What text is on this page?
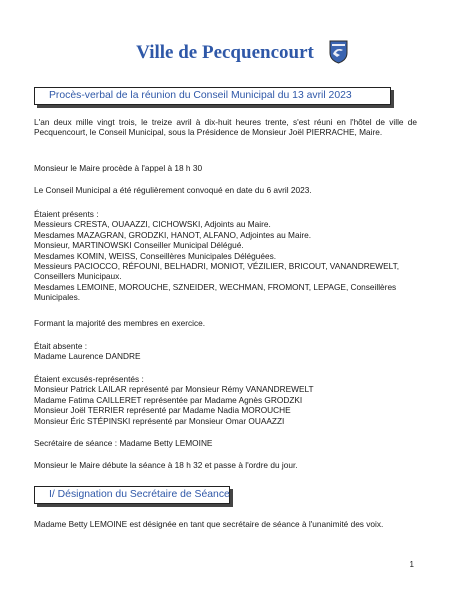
Ville de Pecquencourt
Procès-verbal de la réunion du Conseil Municipal du 13 avril 2023
L'an deux mille vingt trois, le treize avril à dix-huit heures trente, s'est réuni en l'hôtel de ville de Pecquencourt, le Conseil Municipal, sous la Présidence de Monsieur Joël PIERRACHE, Maire.
Monsieur le Maire procède à l'appel à 18 h 30
Le Conseil Municipal a été régulièrement convoqué en date du 6 avril 2023.
Étaient présents :
Messieurs CRESTA, OUAAZZI, CICHOWSKI, Adjoints au Maire.
Mesdames MAZAGRAN, GRODZKI, HANOT, ALFANO, Adjointes au Maire.
Monsieur, MARTINOWSKI Conseiller Municipal Délégué.
Mesdames KOMIN, WEISS, Conseillères Municipales Déléguées.
Messieurs PACIOCCO, RÉFOUNI, BELHADRI, MONIOT, VÉZILIER, BRICOUT, VANANDREWELT,
Conseillers Municipaux.
Mesdames LEMOINE, MOROUCHE, SZNEIDER, WECHMAN, FROMONT, LEPAGE, Conseillères
Municipales.
Formant la majorité des membres en exercice.
Était absente :
Madame Laurence DANDRE
Étaient excusés-représentés :
Monsieur Patrick LAILAR représenté par Monsieur Rémy VANANDREWELT
Madame Fatima CAILLERET représentée par Madame Agnès GRODZKI
Monsieur Joël TERRIER représenté par Madame Nadia MOROUCHE
Monsieur Éric STÉPINSKI représenté par Monsieur Omar OUAAZZI
Secrétaire de séance : Madame Betty LEMOINE
Monsieur le Maire débute la séance à 18 h 32 et passe à l'ordre du jour.
I/ Désignation du Secrétaire de Séance
Madame Betty LEMOINE est désignée en tant que secrétaire de séance à l'unanimité des voix.
1
